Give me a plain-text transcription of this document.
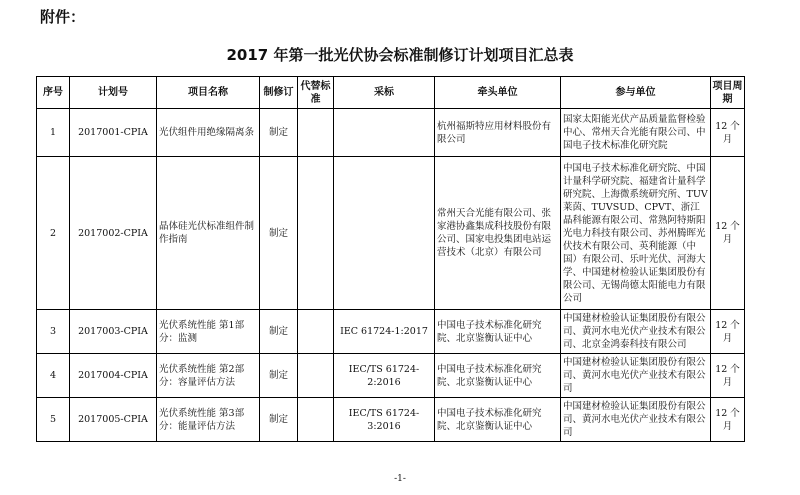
附件：
2017 年第一批光伏协会标准制修订计划项目汇总表
序号	计划号	项目名称	制修订	代替标准	采标	牵头单位	参与单位	项目周期
1	2017001-CPIA	光伏组件用绝缘隔离条	制定			杭州福斯特应用材料股份有限公司	国家太阳能光伏产品质量监督检验中心、常州天合光能有限公司、中国电子技术标准化研究院	12 个月
2	2017002-CPIA	晶体硅光伏标准组件制作指南	制定			常州天合光能有限公司、张家港协鑫集成科技股份有限公司、国家电投集团电站运营技术（北京）有限公司	中国电子技术标准化研究院、中国计量科学研究院、福建省计量科学研究院、上海微系统研究所、TUV 莱茵、TUVSUD、CPVT、浙江晶科能源有限公司、常熟阿特斯阳光电力科技有限公司、苏州腾晖光伏技术有限公司、英利能源（中国）有限公司、乐叶光伏、河海大学、中国建材检验认证集团股份有限公司、无锡尚德太阳能电力有限公司	12 个月
3	2017003-CPIA	光伏系统性能 第1部分：监测	制定		IEC 61724-1:2017	中国电子技术标准化研究院、北京鉴衡认证中心	中国建材检验认证集团股份有限公司、黄河水电光伏产业技术有限公司、北京金鸿泰科技有限公司	12 个月
4	2017004-CPIA	光伏系统性能 第2部分：容量评估方法	制定		IEC/TS 61724-2:2016	中国电子技术标准化研究院、北京鉴衡认证中心	中国建材检验认证集团股份有限公司、黄河水电光伏产业技术有限公司	12 个月
5	2017005-CPIA	光伏系统性能 第3部分：能量评估方法	制定		IEC/TS 61724-3:2016	中国电子技术标准化研究院、北京鉴衡认证中心	中国建材检验认证集团股份有限公司、黄河水电光伏产业技术有限公司	12 个月
-1-
